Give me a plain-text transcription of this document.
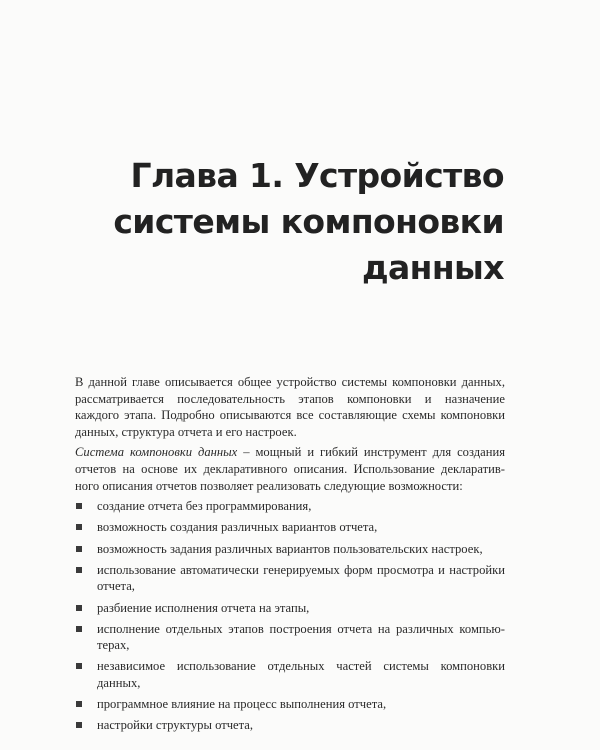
Глава 1. Устройство
системы компоновки
данных

В данной главе описывается общее устройство системы компоновки данных,
рассматривается последовательность этапов компоновки и назначение
каждого этапа. Подробно описываются все составляющие схемы компоновки
данных, структура отчета и его настроек.

Система компоновки данных – мощный и гибкий инструмент для создания
отчетов на основе их декларативного описания. Использование декларатив-
ного описания отчетов позволяет реализовать следующие возможности:

создание отчета без программирования,
возможность создания различных вариантов отчета,
возможность задания различных вариантов пользовательских настроек,
использование автоматически генерируемых форм просмотра и настройки
отчета,
разбиение исполнения отчета на этапы,
исполнение отдельных этапов построения отчета на различных компью-
терах,
независимое использование отдельных частей системы компоновки
данных,
программное влияние на процесс выполнения отчета,
настройки структуры отчета,
